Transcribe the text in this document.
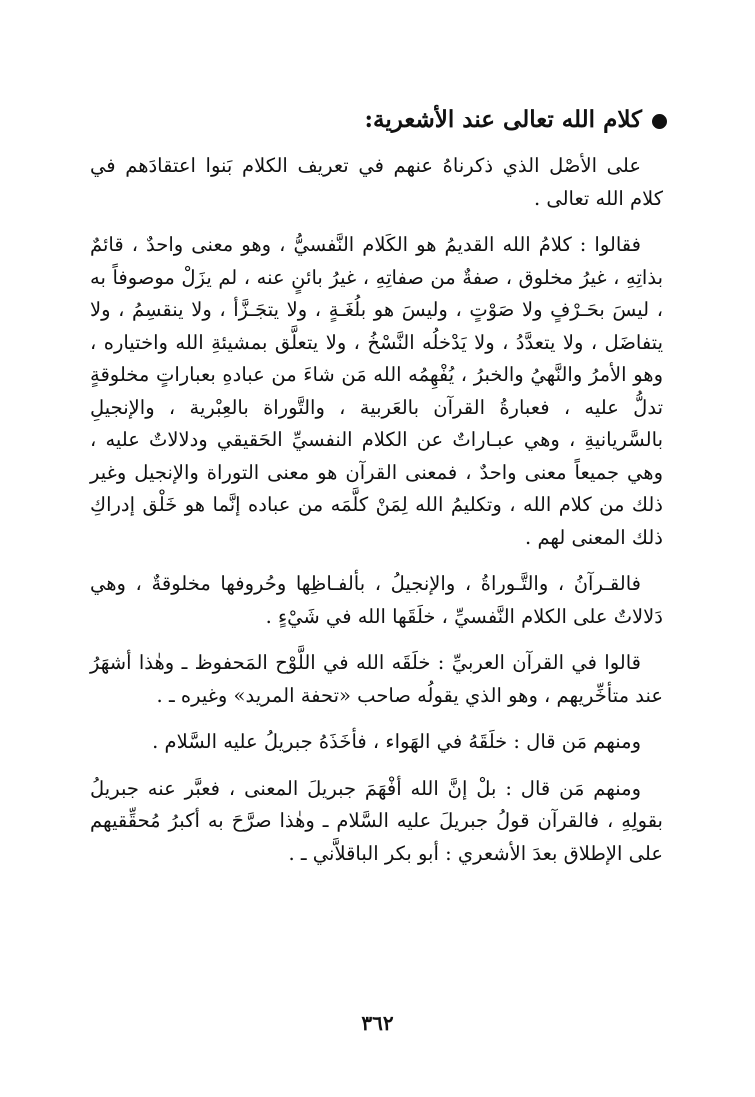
كلام الله تعالى عند الأشعرية:

على الأصْل الذي ذكرناهُ عنهم في تعريف الكلام بَنوا اعتقادَهم في كلام الله تعالى .

فقالوا : كلامُ الله القديمُ هو الكَلام النَّفسيُّ ، وهو معنى واحدٌ ، قائمٌ بذاتِهِ ، غيرُ مخلوق ، صفةٌ من صفاتِهِ ، غيرُ بائنٍ عنه ، لم يزَلْ موصوفاً به ، ليسَ بحَـرْفٍ ولا صَوْتٍ ، وليسَ هو بلُغَـةٍ ، ولا يتجَـزَّأ ، ولا ينقسِمُ ، ولا يتفاضَل ، ولا يتعدَّدُ ، ولا يَدْخلُه النَّسْخُ ، ولا يتعلَّق بمشيئةِ الله واختياره ، وهو الأمرُ والنَّهيُ والخبرُ ، يُفْهِمُه الله مَن شاءَ من عبادهِ بعباراتٍ مخلوقةٍ تدلُّ عليه ، فعبارةُ القرآن بالعَربية ، والتَّوراة بالعِبْرية ، والإنجيلِ بالسَّريانيةِ ، وهي عبـاراتٌ عن الكلام النفسيِّ الحَقيقي ودلالاتٌ عليه ، وهي جميعاً معنى واحدٌ ، فمعنى القرآن هو معنى التوراة والإنجيل وغير ذلك من كلام الله ، وتكليمُ الله لِمَنْ كلَّمَه من عباده إنَّما هو خَلْق إدراكِ ذلك المعنى لهم .

فالقـرآنُ ، والتَّـوراةُ ، والإنجيلُ ، بألفـاظِها وحُروفها مخلوقةٌ ، وهي دَلالاتٌ على الكلام النَّفسيِّ ، خلَقَها الله في شَيْءٍ .

قالوا في القرآن العربيِّ : خلَقَه الله في اللَّوْح المَحفوظ ـ وهٰذا أشهَرُ عند متأخِّريهم ، وهو الذي يقولُه صاحب «تحفة المريد» وغيره ـ .

ومنهم مَن قال : خلَقَهُ في الهَواء ، فأخَذَهُ جبريلُ عليه السَّلام .

ومنهم مَن قال : بلْ إنَّ الله أفْهَمَ جبريلَ المعنى ، فعبَّر عنه جبريلُ بقولِهِ ، فالقرآن قولُ جبريلَ عليه السَّلام ـ وهٰذا صرَّحَ به أكبرُ مُحقِّقيهم على الإطلاق بعدَ الأشعري : أبو بكر الباقلاَّني ـ .

٣٦٢
